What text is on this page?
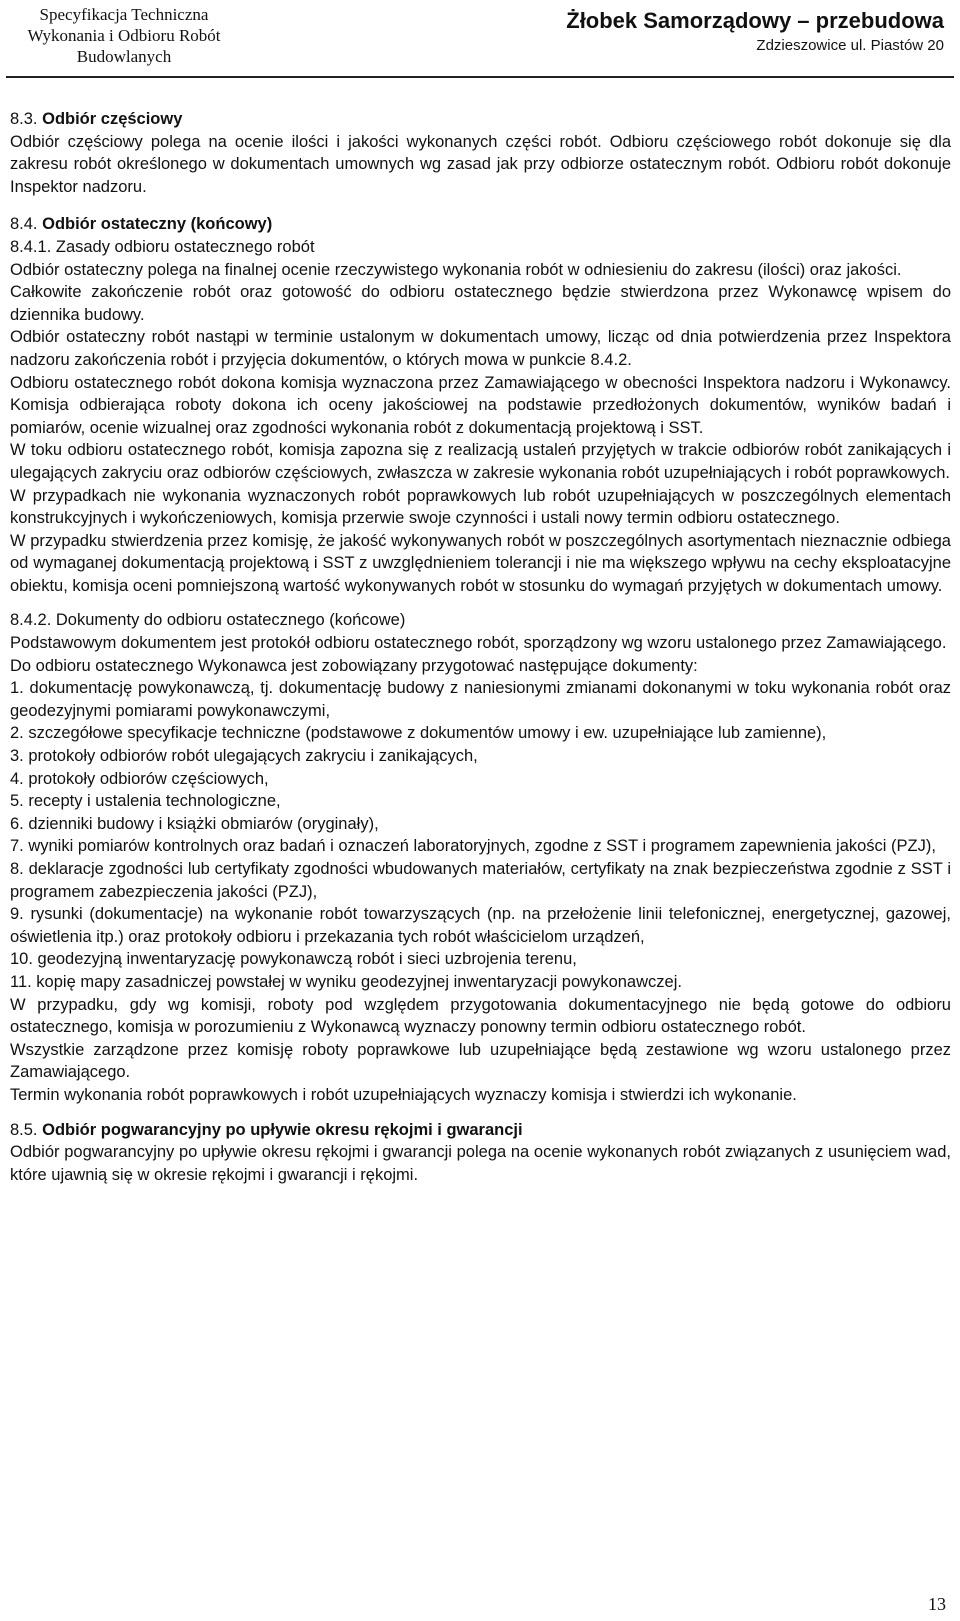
Specyfikacja Techniczna
Wykonania i Odbioru Robót
Budowlanych
Żłobek Samorządowy – przebudowa
Zdzieszowice ul. Piastów 20

8.3. Odbiór częściowy

Odbiór częściowy polega na ocenie ilości i jakości wykonanych części robót. Odbioru częściowego robót dokonuje się dla zakresu robót określonego w dokumentach umownych wg zasad jak przy odbiorze ostatecznym robót. Odbioru robót dokonuje Inspektor nadzoru.

8.4. Odbiór ostateczny (końcowy)

8.4.1. Zasady odbioru ostatecznego robót

Odbiór ostateczny polega na finalnej ocenie rzeczywistego wykonania robót w odniesieniu do zakresu (ilości) oraz jakości.

Całkowite zakończenie robót oraz gotowość do odbioru ostatecznego będzie stwierdzona przez Wykonawcę wpisem do dziennika budowy.

Odbiór ostateczny robót nastąpi w terminie ustalonym w dokumentach umowy, licząc od dnia potwierdzenia przez Inspektora nadzoru zakończenia robót i przyjęcia dokumentów, o których mowa w punkcie 8.4.2.

Odbioru ostatecznego robót dokona komisja wyznaczona przez Zamawiającego w obecności Inspektora nadzoru i Wykonawcy. Komisja odbierająca roboty dokona ich oceny jakościowej na podstawie przedłożonych dokumentów, wyników badań i pomiarów, ocenie wizualnej oraz zgodności wykonania robót z dokumentacją projektową i SST.

W toku odbioru ostatecznego robót, komisja zapozna się z realizacją ustaleń przyjętych w trakcie odbiorów robót zanikających i ulegających zakryciu oraz odbiorów częściowych, zwłaszcza w zakresie wykonania robót uzupełniających i robót poprawkowych.

W przypadkach nie wykonania wyznaczonych robót poprawkowych lub robót uzupełniających w poszczególnych elementach konstrukcyjnych i wykończeniowych, komisja przerwie swoje czynności i ustali nowy termin odbioru ostatecznego.

W przypadku stwierdzenia przez komisję, że jakość wykonywanych robót w poszczególnych asortymentach nieznacznie odbiega od wymaganej dokumentacją projektową i SST z uwzględnieniem tolerancji i nie ma większego wpływu na cechy eksploatacyjne obiektu, komisja oceni pomniejszoną wartość wykonywanych robót w stosunku do wymagań przyjętych w dokumentach umowy.

8.4.2. Dokumenty do odbioru ostatecznego (końcowe)

Podstawowym dokumentem jest protokół odbioru ostatecznego robót, sporządzony wg wzoru ustalonego przez Zamawiającego.

Do odbioru ostatecznego Wykonawca jest zobowiązany przygotować następujące dokumenty:

1. dokumentację powykonawczą, tj. dokumentację budowy z naniesionymi zmianami dokonanymi w toku wykonania robót oraz geodezyjnymi pomiarami powykonawczymi,

2. szczegółowe specyfikacje techniczne (podstawowe z dokumentów umowy i ew. uzupełniające lub zamienne),

3. protokoły odbiorów robót ulegających zakryciu i zanikających,

4. protokoły odbiorów częściowych,

5. recepty i ustalenia technologiczne,

6. dzienniki budowy i książki obmiarów (oryginały),

7. wyniki pomiarów kontrolnych oraz badań i oznaczeń laboratoryjnych, zgodne z SST i programem zapewnienia jakości (PZJ),

8. deklaracje zgodności lub certyfikaty zgodności wbudowanych materiałów, certyfikaty na znak bezpieczeństwa zgodnie z SST i programem zabezpieczenia jakości (PZJ),

9. rysunki (dokumentacje) na wykonanie robót towarzyszących (np. na przełożenie linii telefonicznej, energetycznej, gazowej, oświetlenia itp.) oraz protokoły odbioru i przekazania tych robót właścicielom urządzeń,

10. geodezyjną inwentaryzację powykonawczą robót i sieci uzbrojenia terenu,

11. kopię mapy zasadniczej powstałej w wyniku geodezyjnej inwentaryzacji powykonawczej.

W przypadku, gdy wg komisji, roboty pod względem przygotowania dokumentacyjnego nie będą gotowe do odbioru ostatecznego, komisja w porozumieniu z Wykonawcą wyznaczy ponowny termin odbioru ostatecznego robót.

Wszystkie zarządzone przez komisję roboty poprawkowe lub uzupełniające będą zestawione wg wzoru ustalonego przez Zamawiającego.

Termin wykonania robót poprawkowych i robót uzupełniających wyznaczy komisja i stwierdzi ich wykonanie.

8.5. Odbiór pogwarancyjny po upływie okresu rękojmi i gwarancji

Odbiór pogwarancyjny po upływie okresu rękojmi i gwarancji polega na ocenie wykonanych robót związanych z usunięciem wad, które ujawnią się w okresie rękojmi i gwarancji i rękojmi.

13
